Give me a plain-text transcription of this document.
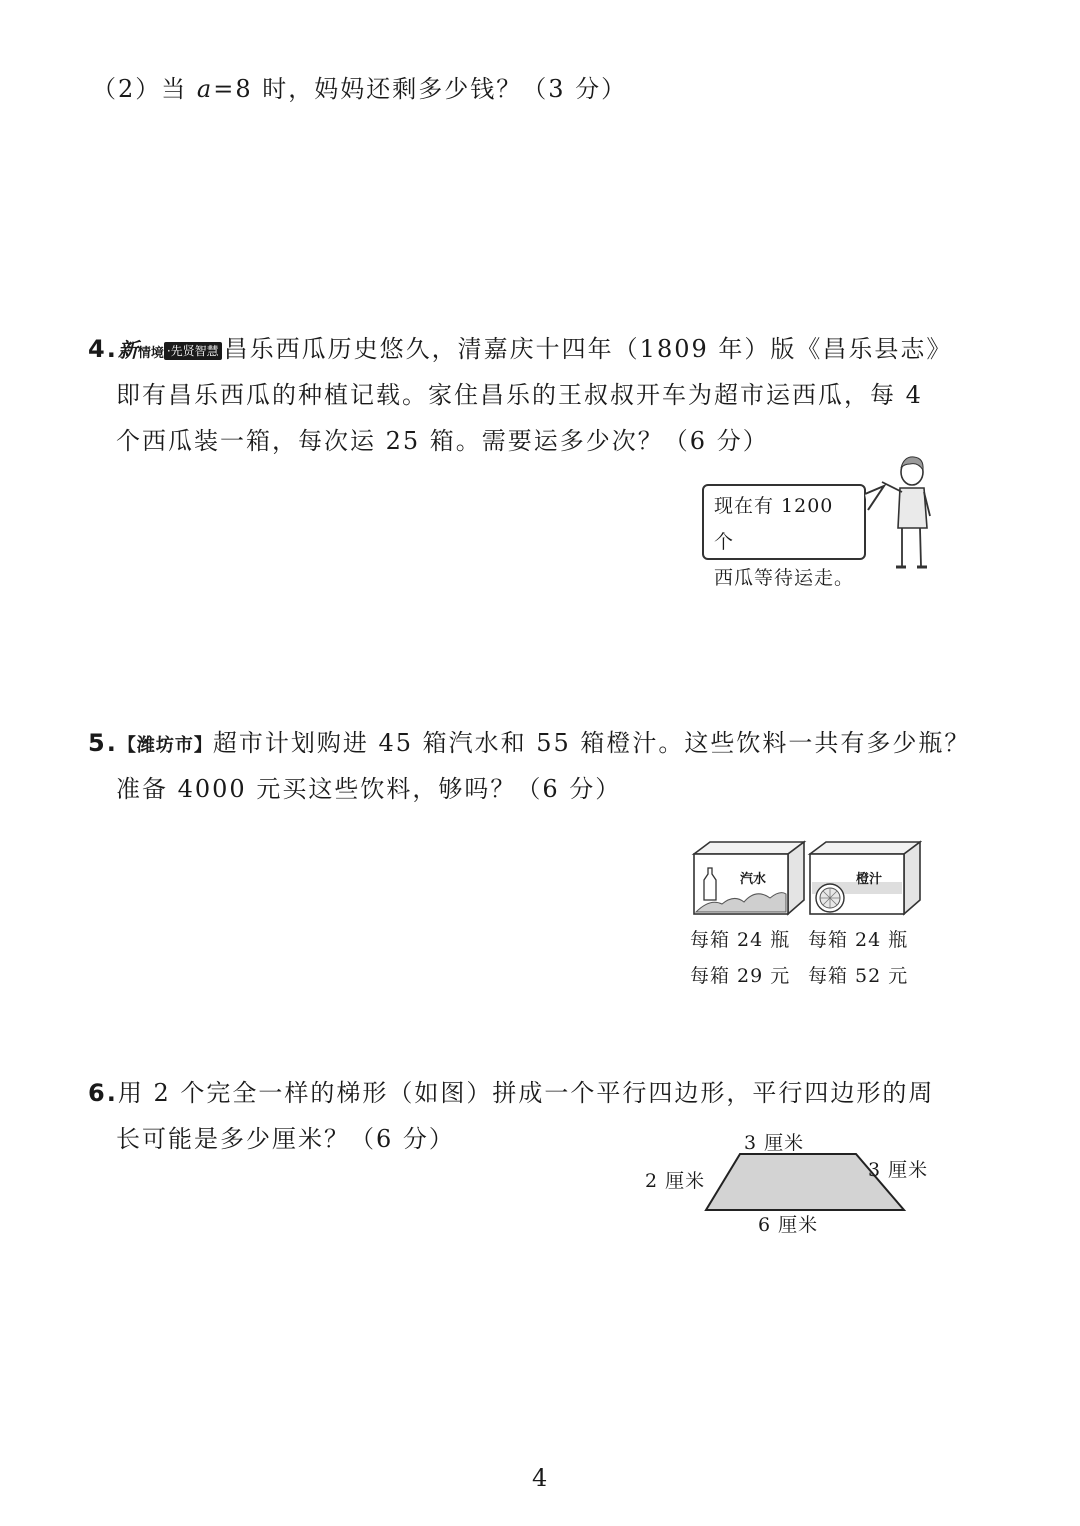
（2）当 a=8 时，妈妈还剩多少钱？（3 分）
4.新情境 ·先贤智慧 昌乐西瓜历史悠久，清嘉庆十四年（1809 年）版《昌乐县志》
即有昌乐西瓜的种植记载。家住昌乐的王叔叔开车为超市运西瓜，每 4
个西瓜装一箱，每次运 25 箱。需要运多少次？（6 分）
现在有 1200 个
西瓜等待运走。
5.【潍坊市】超市计划购进 45 箱汽水和 55 箱橙汁。这些饮料一共有多少瓶？
准备 4000 元买这些饮料，够吗？（6 分）
汽水	橙汁
每箱 24 瓶
每箱 29 元
每箱 24 瓶
每箱 52 元
6.用 2 个完全一样的梯形（如图）拼成一个平行四边形，平行四边形的周
长可能是多少厘米？（6 分）	3 厘米
2 厘米	3 厘米
6 厘米
4
